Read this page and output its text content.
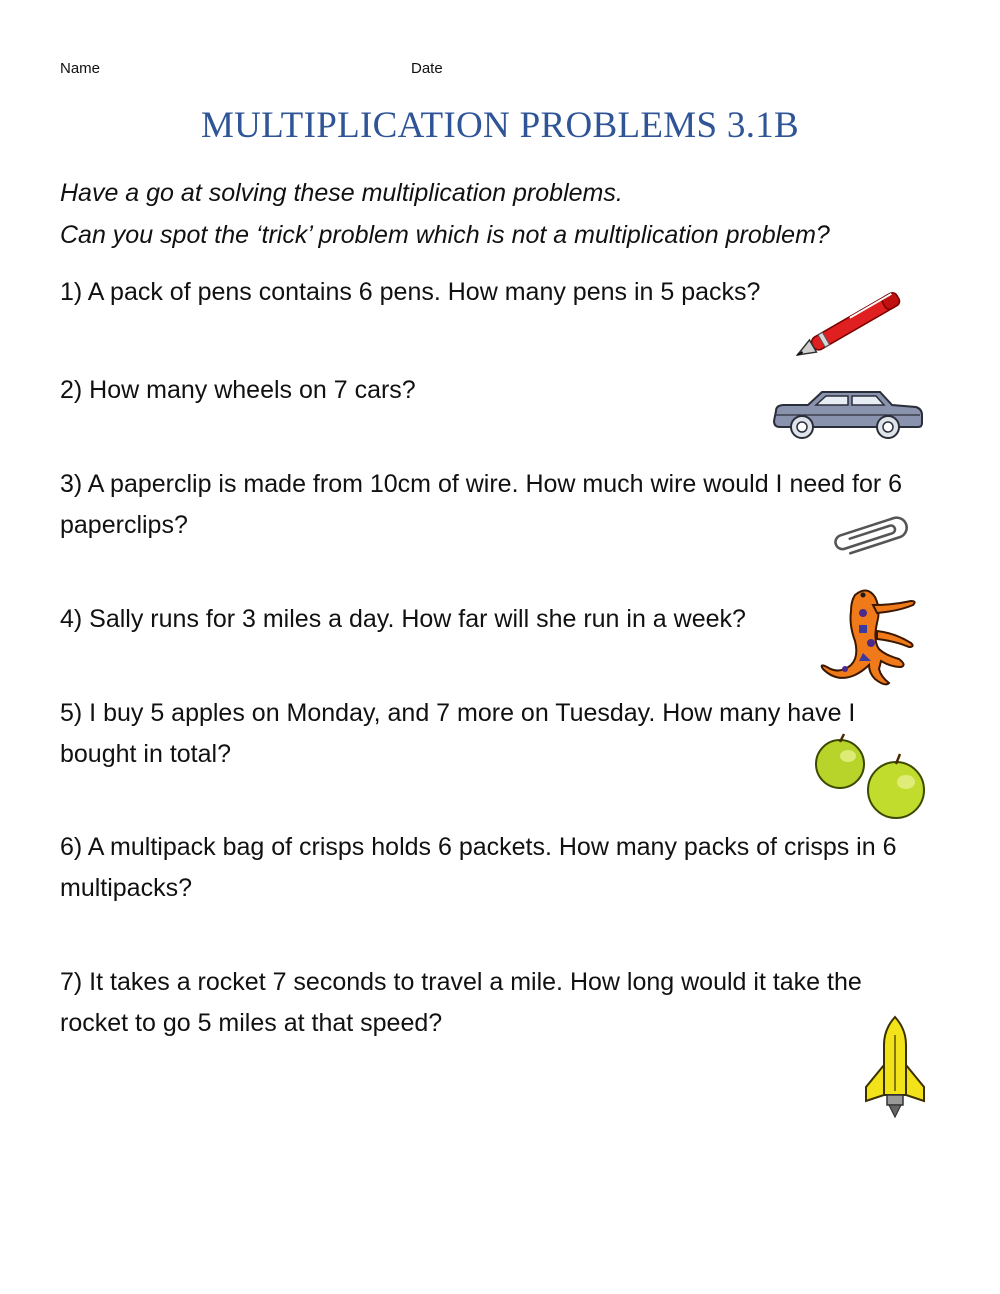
Name	Date
MULTIPLICATION PROBLEMS 3.1B
Have a go at solving these multiplication problems.
Can you spot the ‘trick’ problem which is not a multiplication problem?
1) A pack of pens contains 6 pens. How many pens in 5 packs?
2) How many wheels on 7 cars?
3) A paperclip is made from 10cm of wire. How much wire would I need for 6 paperclips?
4) Sally runs for 3 miles a day. How far will she run in a week?
5) I buy 5 apples on Monday, and 7 more on Tuesday. How many have I bought in total?
6) A multipack bag of crisps holds 6 packets. How many packs of crisps in 6 multipacks?
7) It takes a rocket 7 seconds to travel a mile. How long would it take the rocket to go 5 miles at that speed?
